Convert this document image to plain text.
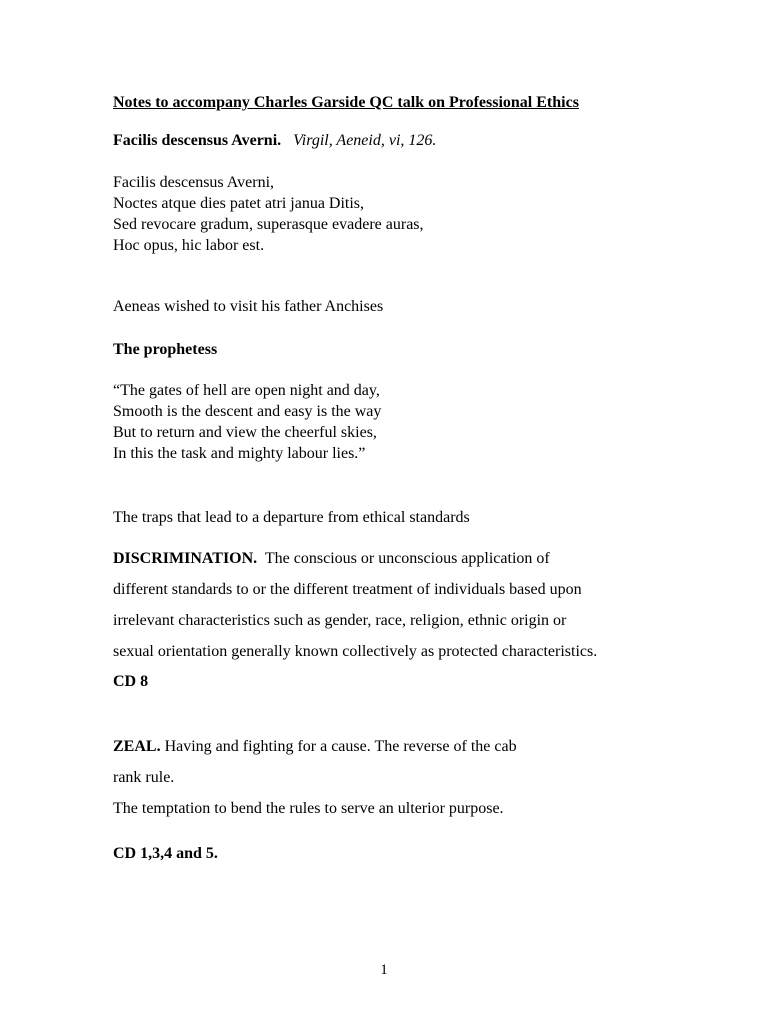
Notes to accompany Charles Garside QC talk on Professional Ethics
Facilis descensus Averni. Virgil, Aeneid, vi, 126.
Facilis descensus Averni,
Noctes atque dies patet atri janua Ditis,
Sed revocare gradum, superasque evadere auras,
Hoc opus, hic labor est.
Aeneas wished to visit his father Anchises
The prophetess
“The gates of hell are open night and day,
Smooth is the descent and easy is the way
But to return and view the cheerful skies,
In this the task and mighty labour lies.”
The traps that lead to a departure from ethical standards
DISCRIMINATION. The conscious or unconscious application of
different standards to or the different treatment of individuals based upon
irrelevant characteristics such as gender, race, religion, ethnic origin or
sexual orientation generally known collectively as protected characteristics.
CD 8
ZEAL. Having and fighting for a cause. The reverse of the cab
rank rule.
The temptation to bend the rules to serve an ulterior purpose.
CD 1,3,4 and 5.
1
